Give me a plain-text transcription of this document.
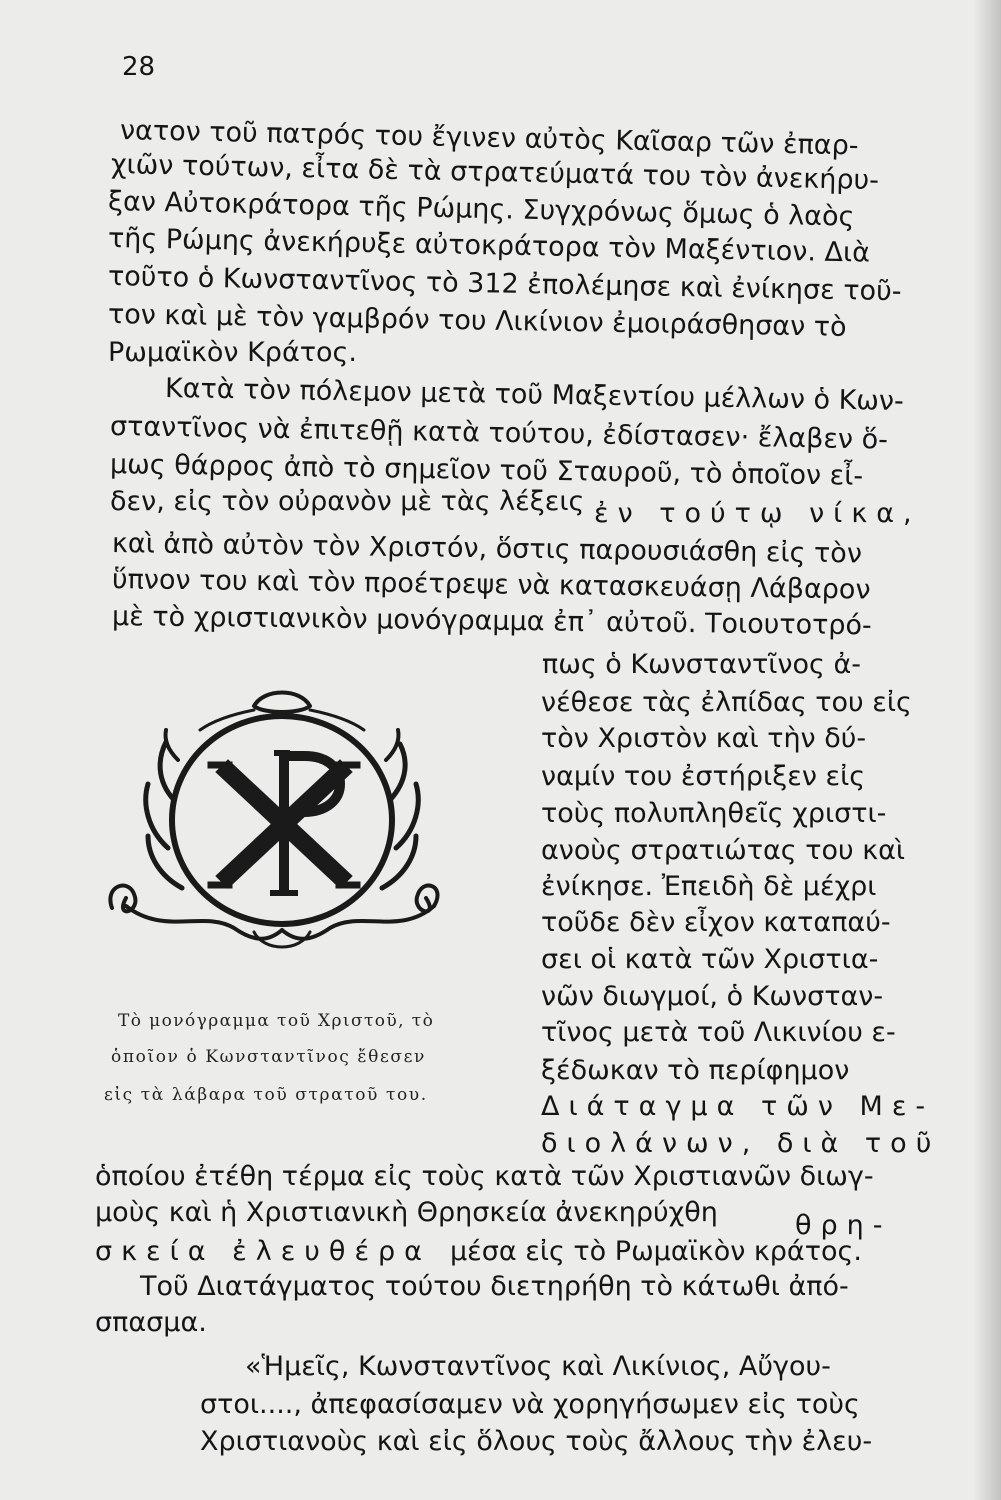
28
νατον τοῦ πατρός του ἔγινεν αὐτὸς Καῖσαρ τῶν ἐπαρ-
χιῶν τούτων, εἶτα δὲ τὰ στρατεύματά του τὸν ἀνεκήρυ-
ξαν Αὐτοκράτορα τῆς Ρώμης. Συγχρόνως ὅμως ὁ λαὸς
τῆς Ρώμης ἀνεκήρυξε αὐτοκράτορα τὸν Μαξέντιον. Διὰ
τοῦτο ὁ Κωνσταντῖνος τὸ 312 ἐπολέμησε καὶ ἐνίκησε τοῦ-
τον καὶ μὲ τὸν γαμβρόν του Λικίνιον ἐμοιράσθησαν τὸ
Ρωμαϊκὸν Κράτος.
Κατὰ τὸν πόλεμον μετὰ τοῦ Μαξεντίου μέλλων ὁ Κων-
σταντῖνος νὰ ἐπιτεθῇ κατὰ τούτου, ἐδίστασεν· ἔλαβεν ὅ-
μως θάρρος ἀπὸ τὸ σημεῖον τοῦ Σταυροῦ, τὸ ὁποῖον εἶ-
δεν, εἰς τὸν οὐρανὸν μὲ τὰς λέξεις ἐν τούτῳ νίκα,
καὶ ἀπὸ αὐτὸν τὸν Χριστόν, ὅστις παρουσιάσθη εἰς τὸν
ὕπνον του καὶ τὸν προέτρεψε νὰ κατασκευάσῃ Λάβαρον
μὲ τὸ χριστιανικὸν μονόγραμμα ἐπ᾿ αὐτοῦ. Τοιουτοτρό-
Τὸ μονόγραμμα τοῦ Χριστοῦ, τὸ
ὁποῖον ὁ Κωνσταντῖνος ἔθεσεν
εἰς τὰ λάβαρα τοῦ στρατοῦ του.
πως ὁ Κωνσταντῖνος ἀ-
νέθεσε τὰς ἐλπίδας του εἰς
τὸν Χριστὸν καὶ τὴν δύ-
ναμίν του ἐστήριξεν εἰς
τοὺς πολυπληθεῖς χριστι-
ανοὺς στρατιώτας του καὶ
ἐνίκησε. Ἐπειδὴ δὲ μέχρι
τοῦδε δὲν εἶχον καταπαύ-
σει οἱ κατὰ τῶν Χριστια-
νῶν διωγμοί, ὁ Κωνσταν-
τῖνος μετὰ τοῦ Λικινίου ε-
ξέδωκαν τὸ περίφημον
Διάταγμα τῶν Με-
διολάνων, διὰ τοῦ
ὁποίου ἐτέθη τέρμα εἰς τοὺς κατὰ τῶν Χριστιανῶν διωγ-
μοὺς καὶ ἡ Χριστιανικὴ Θρησκεία ἀνεκηρύχθη	θρη-
σκεία ἐλευθέρα μέσα εἰς τὸ Ρωμαϊκὸν κράτος.
Τοῦ Διατάγματος τούτου διετηρήθη τὸ κάτωθι ἀπό-
σπασμα.
«Ἡμεῖς, Κωνσταντῖνος καὶ Λικίνιος, Αὔγου-
στοι...., ἀπεφασίσαμεν νὰ χορηγήσωμεν εἰς τοὺς
Χριστιανοὺς καὶ εἰς ὅλους τοὺς ἄλλους τὴν ἐλευ-
